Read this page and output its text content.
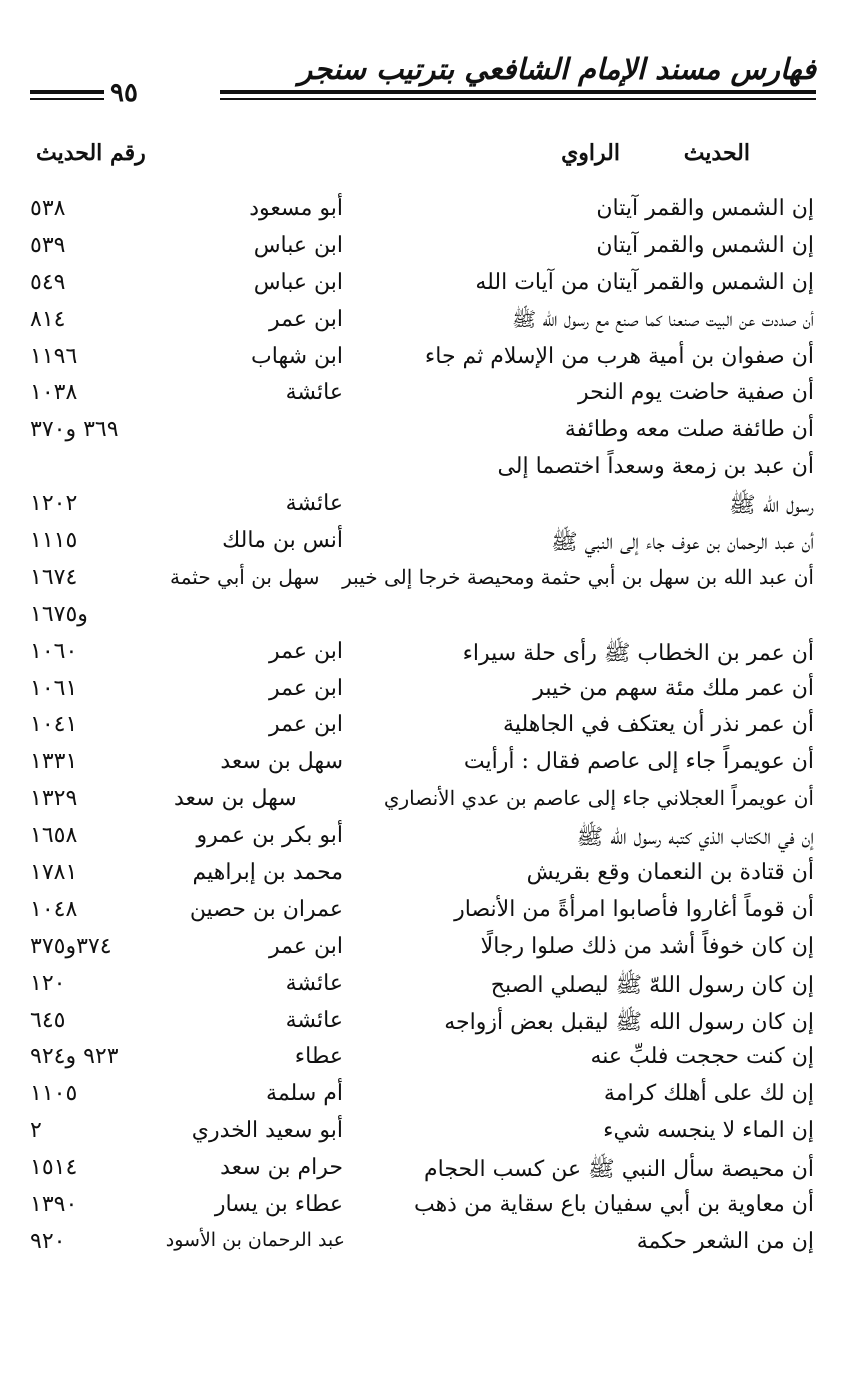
فهارس مسند الإمام الشافعي بترتيب سنجر
٩٥
الحديث
الراوي
رقم الحديث
إن الشمس والقمر آيتان
أبو مسعود
٥٣٨
إن الشمس والقمر آيتان
ابن عباس
٥٣٩
إن الشمس والقمر آيتان من آيات الله
ابن عباس
٥٤٩
أن صددت عن البيت صنعنا كما صنع مع رسول الله ﷺ
ابن عمر
٨١٤
أن صفوان بن أمية هرب من الإسلام ثم جاء
ابن شهاب
١١٩٦
أن صفية حاضت يوم النحر
عائشة
١٠٣٨
أن طائفة صلت معه وطائفة
٣٦٩ و٣٧٠
أن عبد بن زمعة وسعداً اختصما إلى
رسول الله ﷺ
عائشة
١٢٠٢
أن عبد الرحمان بن عوف جاء إلى النبي ﷺ
أنس بن مالك
١١١٥
أن عبد الله بن سهل بن أبي حثمة ومحيصة خرجا إلى خيبر
سهل بن أبي حثمة
١٦٧٤
و١٦٧٥
أن عمر بن الخطاب ﷺ رأى حلة سيراء
ابن عمر
١٠٦٠
أن عمر ملك مئة سهم من خيبر
ابن عمر
١٠٦١
أن عمر نذر أن يعتكف في الجاهلية
ابن عمر
١٠٤١
أن عويمراً جاء إلى عاصم فقال : أرأيت
سهل بن سعد
١٣٣١
أن عويمراً العجلاني جاء إلى عاصم بن عدي الأنصاري
سهل بن سعد
١٣٢٩
إن في الكتاب الذي كتبه رسول الله ﷺ
أبو بكر بن عمرو
١٦٥٨
أن قتادة بن النعمان وقع بقريش
محمد بن إبراهيم
١٧٨١
أن قوماً أغاروا فأصابوا امرأةً من الأنصار
عمران بن حصين
١٠٤٨
إن كان خوفاً أشد من ذلك صلوا رجالًا
ابن عمر
٣٧٤و٣٧٥
إن كان رسول اللهّ ﷺ ليصلي الصبح
عائشة
١٢٠
إن كان رسول الله ﷺ ليقبل بعض أزواجه
عائشة
٦٤٥
إن كنت حججت فلبِّ عنه
عطاء
٩٢٣ و٩٢٤
إن لك على أهلك كرامة
أم سلمة
١١٠٥
إن الماء لا ينجسه شيء
أبو سعيد الخدري
٢
أن محيصة سأل النبي ﷺ عن كسب الحجام
حرام بن سعد
١٥١٤
أن معاوية بن أبي سفيان باع سقاية من ذهب
عطاء بن يسار
١٣٩٠
إن من الشعر حكمة
عبد الرحمان بن الأسود
٩٢٠
